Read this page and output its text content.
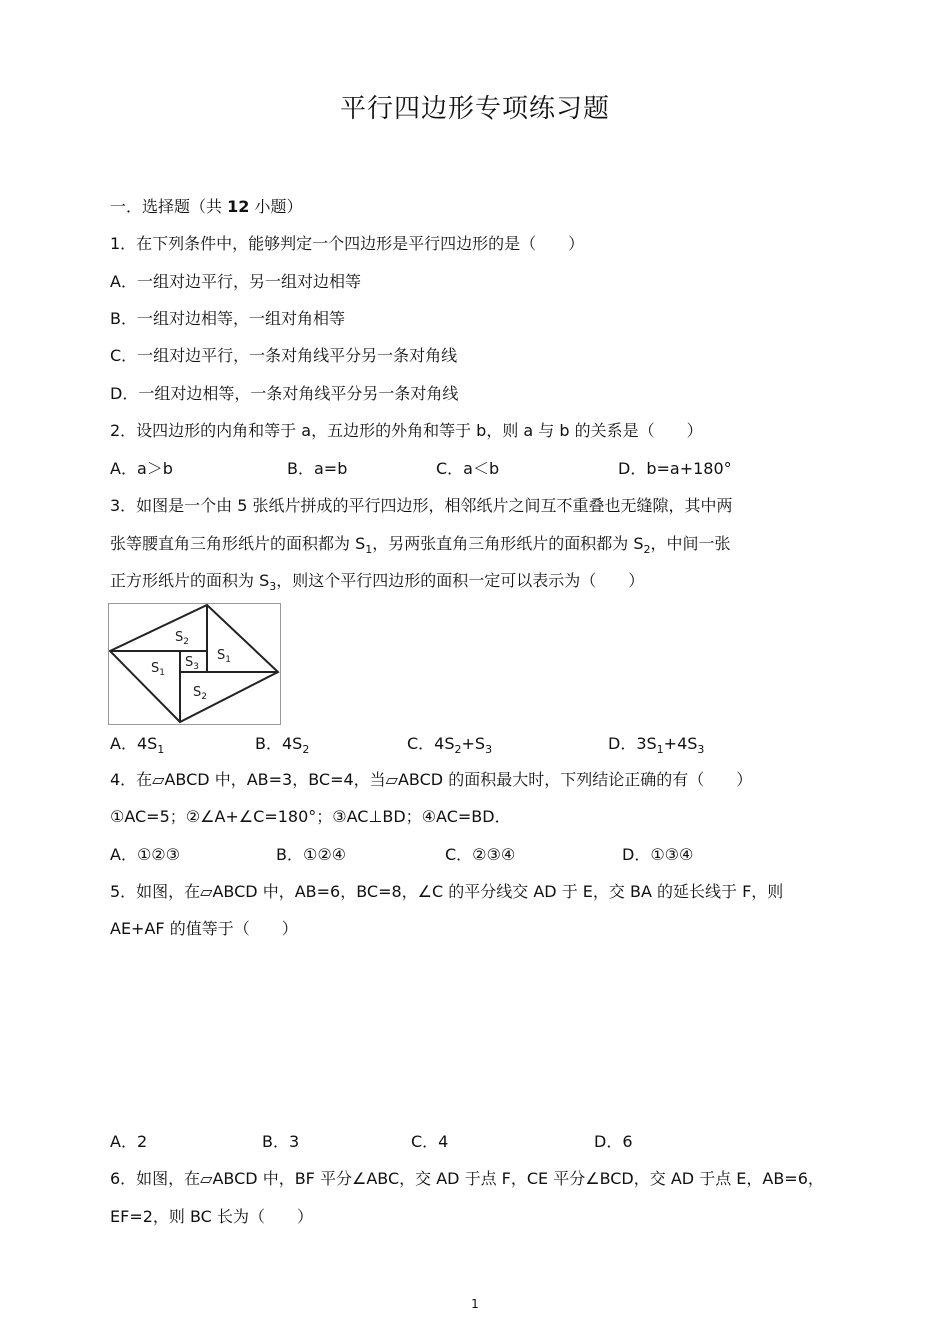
平行四边形专项练习题
一．选择题（共 12 小题）
1．在下列条件中，能够判定一个四边形是平行四边形的是（　　）
A．一组对边平行，另一组对边相等
B．一组对边相等，一组对角相等
C．一组对边平行，一条对角线平分另一条对角线
D．一组对边相等，一条对角线平分另一条对角线
2．设四边形的内角和等于 a，五边形的外角和等于 b，则 a 与 b 的关系是（　　）
A．a＞b	B．a=b	C．a＜b	D．b=a+180°
3．如图是一个由 5 张纸片拼成的平行四边形，相邻纸片之间互不重叠也无缝隙，其中两
张等腰直角三角形纸片的面积都为 $S_1$，另两张直角三角形纸片的面积都为 $S_2$，中间一张
正方形纸片的面积为 $S_3$，则这个平行四边形的面积一定可以表示为（　　）
$S_2$
$S_1$
$S_3$
$S_1$
$S_2$
A．$4S_1$	B．$4S_2$	C．$4S_2+S_3$	D．$3S_1+4S_3$
4．在▱ABCD 中，AB=3，BC=4，当▱ABCD 的面积最大时，下列结论正确的有（　　）
①AC=5；②∠A+∠C=180°；③AC⊥BD；④AC=BD．
A．①②③	B．①②④	C．②③④	D．①③④
5．如图，在▱ABCD 中，AB=6，BC=8，∠C 的平分线交 AD 于 E，交 BA 的延长线于 F，则
AE+AF 的值等于（　　）
A．2	B．3	C．4	D．6
6．如图，在▱ABCD 中，BF 平分∠ABC，交 AD 于点 F，CE 平分∠BCD，交 AD 于点 E，AB=6，
EF=2，则 BC 长为（　　）
1
